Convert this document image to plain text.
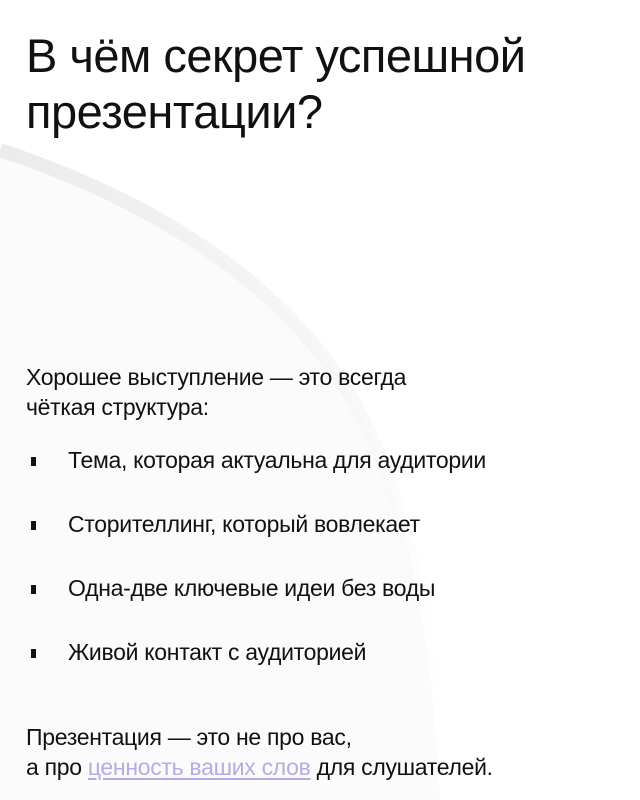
В чём секрет успешной
презентации?

Хорошее выступление — это всегда
чёткая структура:

Тема, которая актуальна для аудитории
Сторителлинг, который вовлекает
Одна-две ключевые идеи без воды
Живой контакт с аудиторией

Презентация — это не про вас,
а про ценность ваших слов для слушателей.
